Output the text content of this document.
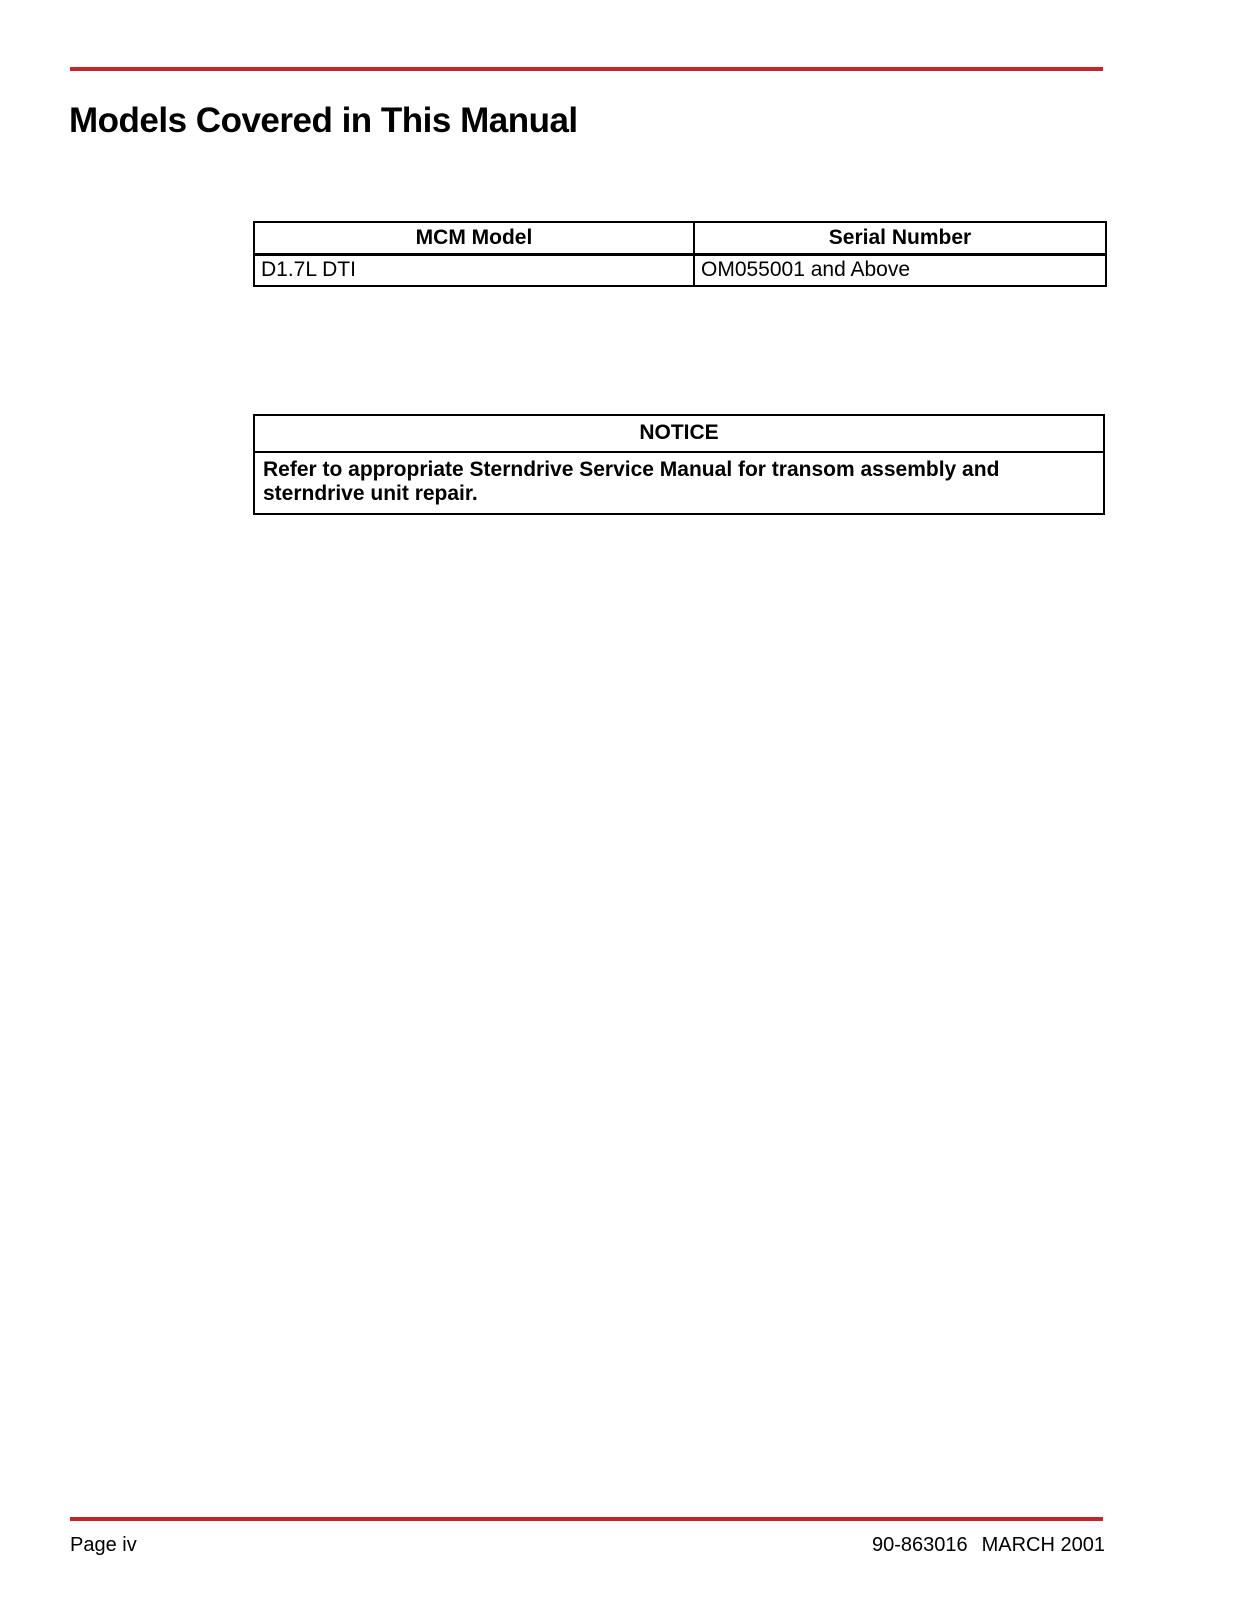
Models Covered in This Manual
MCM Model	Serial Number
D1.7L DTI	OM055001 and Above
NOTICE
Refer to appropriate Sterndrive Service Manual for transom assembly and sterndrive unit repair.
Page iv	90-863016 MARCH 2001
